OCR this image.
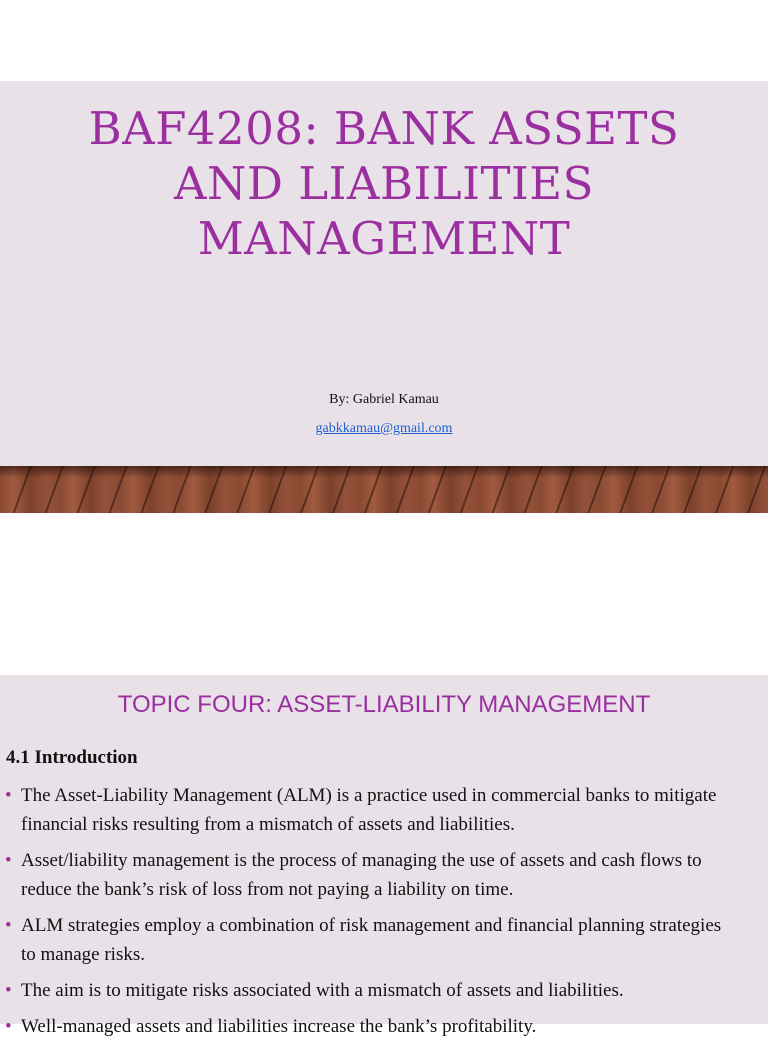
BAF4208: BANK ASSETS AND LIABILITIES MANAGEMENT
By: Gabriel Kamau
gabkkamau@gmail.com
TOPIC FOUR: ASSET-LIABILITY MANAGEMENT
4.1 Introduction
• The Asset-Liability Management (ALM) is a practice used in commercial banks to mitigate financial risks resulting from a mismatch of assets and liabilities.
• Asset/liability management is the process of managing the use of assets and cash flows to reduce the bank’s risk of loss from not paying a liability on time.
• ALM strategies employ a combination of risk management and financial planning strategies to manage risks.
• The aim is to mitigate risks associated with a mismatch of assets and liabilities.
• Well-managed assets and liabilities increase the bank’s profitability.
